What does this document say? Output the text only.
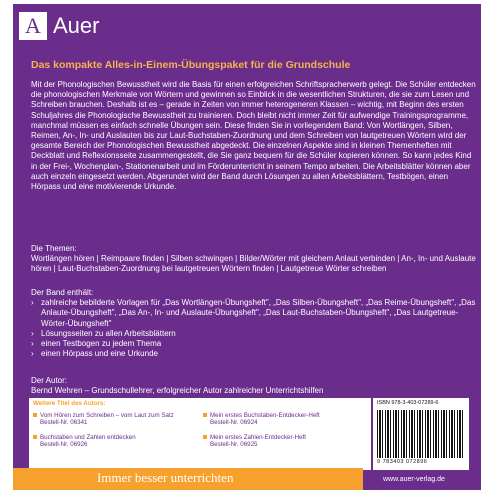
A Auer
Das kompakte Alles-in-Einem-Übungspaket für die Grundschule
Mit der Phonologischen Bewusstheit wird die Basis für einen erfolgreichen Schriftspracherwerb gelegt. Die Schüler entdecken die phonologischen Merkmale von Wörtern und gewinnen so Einblick in die wesentlichen Strukturen, die sie zum Lesen und Schreiben brauchen. Deshalb ist es – gerade in Zeiten von immer heterogeneren Klassen – wichtig, mit Beginn des ersten Schuljahres die Phonologische Bewusstheit zu trainieren. Doch bleibt nicht immer Zeit für aufwendige Trainingsprogramme, manchmal müssen es einfach schnelle Übungen sein. Diese finden Sie in vorliegendem Band: Von Wortlängen, Silben, Reimen, An-, In- und Auslauten bis zur Laut-Buchstaben-Zuordnung und dem Schreiben von lautgetreuen Wörtern wird der gesamte Bereich der Phonologischen Bewusstheit abgedeckt. Die einzelnen Aspekte sind in kleinen Themenheften mit Deckblatt und Reflexionsseite zusammengestellt, die Sie ganz bequem für die Schüler kopieren können. So kann jedes Kind in der Frei-, Wochenplan-, Stationenarbeit und im Förderunterricht in seinem Tempo arbeiten. Die Arbeitsblätter können aber auch einzeln eingesetzt werden. Abgerundet wird der Band durch Lösungen zu allen Arbeitsblättern, Testbögen, einen Hörpass und eine motivierende Urkunde.
Die Themen:
Wortlängen hören | Reimpaare finden | Silben schwingen | Bilder/Wörter mit gleichem Anlaut verbinden | An-, In- und Auslaute hören | Laut-Buchstaben-Zuordnung bei lautgetreuen Wörtern finden | Lautgetreue Wörter schreiben
Der Band enthält:
› zahlreiche bebilderte Vorlagen für „Das Wortlängen-Übungsheft", „Das Silben-Übungsheft", „Das Reime-Übungsheft", „Das Anlaute-Übungsheft", „Das An-, In- und Auslaute-Übungsheft", „Das Laut-Buchstaben-Übungsheft", „Das Lautgetreue-Wörter-Übungsheft"
› Lösungsseiten zu allen Arbeitsblättern
› einen Testbogen zu jedem Thema
› einen Hörpass und eine Urkunde
Der Autor:
Bernd Wehren – Grundschullehrer, erfolgreicher Autor zahlreicher Unterrichtshilfen
Weitere Titel des Autors:
Vom Hören zum Schreiben – vom Laut zum Satz
Bestell-Nr. 06341
Mein erstes Buchstaben-Entdecker-Heft
Bestell-Nr. 06924
Buchstaben und Zahlen entdecken
Bestell-Nr. 06926
Mein erstes Zahlen-Entdecker-Heft
Bestell-Nr. 06925
ISBN 978-3-403-07289-6
9 783403 072896
Immer besser unterrichten	www.auer-verlag.de
